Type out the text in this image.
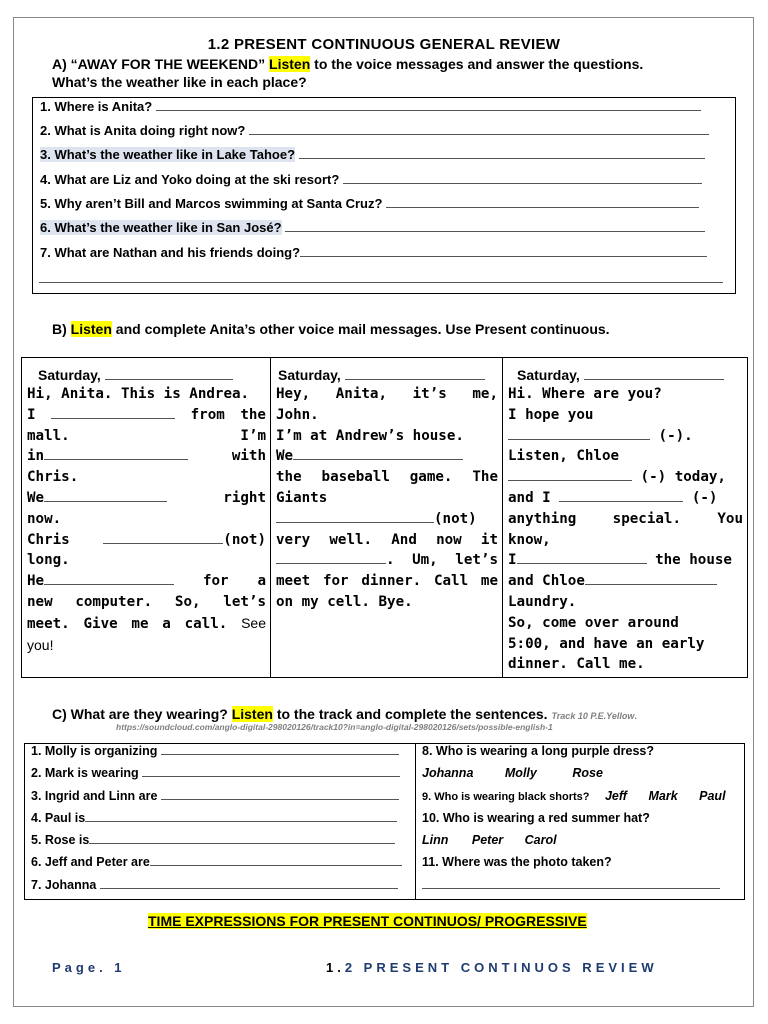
1.2 PRESENT CONTINUOUS GENERAL REVIEW
A) “AWAY FOR THE WEEKEND” Listen to the voice messages and answer the questions.
What’s the weather like in each place?
1. Where is Anita?
2. What is Anita doing right now?
3. What’s the weather like in Lake Tahoe?
4. What are Liz and Yoko doing at the ski resort?
5. Why aren’t Bill and Marcos swimming at Santa Cruz?
6. What’s the weather like in San José?
7. What are Nathan and his friends doing?
B) Listen and complete Anita’s other voice mail messages. Use Present continuous.
Saturday,
Hi, Anita. This is Andrea.
I	from the
mall.	I’m
in	with
Chris.
We	right
now.
Chris	(not)
long.
He	for a
new computer. So, let’s
meet. Give me a call. See
you!

Saturday,
Hey, Anita, it’s me, John.
I’m at Andrew’s house.
We
the baseball game. The
Giants
(not)
very well. And now it
. Um, let’s
meet for dinner. Call me
on my cell. Bye.

Saturday,
Hi. Where are you?
I hope you
(-).
Listen, Chloe
(-) today,
and I	(-)
anything special. You
know,
I	the house
and Chloe
Laundry.
So, come over around
5:00, and have an early
dinner. Call me.
C) What are they wearing? Listen to the track and complete the sentences. Track 10 P.E.Yellow.
https://soundcloud.com/anglo-digital-298020126/track10?in=anglo-digital-298020126/sets/possible-english-1
1. Molly is organizing
2. Mark is wearing
3. Ingrid and Linn are
4. Paul is
5. Rose is
6. Jeff and Peter are
7. Johanna

8. Who is wearing a long purple dress?
Johanna	Molly	Rose
9. Who is wearing black shorts? Jeff Mark Paul
10. Who is wearing a red summer hat?
Linn Peter Carol
11. Where was the photo taken?
TIME EXPRESSIONS FOR PRESENT CONTINUOS/ PROGRESSIVE
Page. 1	1.2 PRESENT CONTINUOS REVIEW
